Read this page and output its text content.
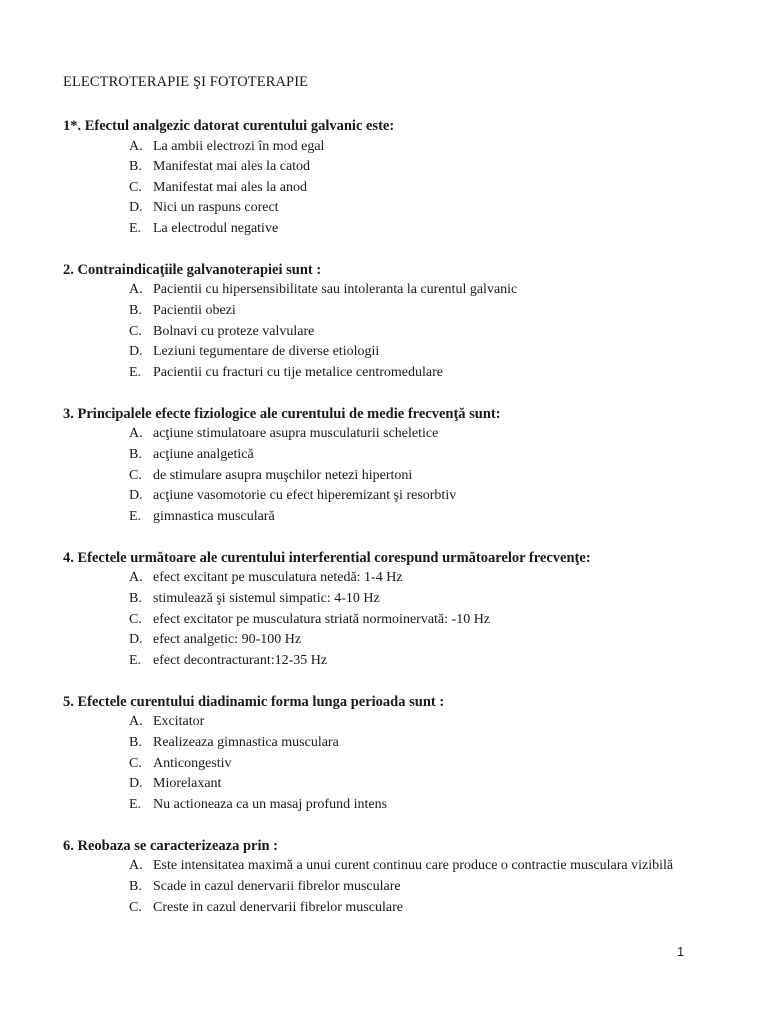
ELECTROTERAPIE ŞI FOTOTERAPIE
1*. Efectul analgezic datorat curentului galvanic este:
A. La ambii electrozi în mod egal
B. Manifestat mai ales la catod
C. Manifestat mai ales la anod
D. Nici un raspuns corect
E. La electrodul negative
2. Contraindicaţiile galvanoterapiei sunt :
A. Pacientii cu hipersensibilitate sau intoleranta la curentul galvanic
B. Pacientii obezi
C. Bolnavi cu proteze valvulare
D. Leziuni tegumentare de diverse etiologii
E. Pacientii cu fracturi cu tije metalice centromedulare
3. Principalele efecte fiziologice ale curentului de medie frecvenţă sunt:
A. acţiune stimulatoare asupra musculaturii scheletice
B. acţiune analgetică
C. de stimulare asupra muşchilor netezi hipertoni
D. acţiune vasomotorie cu efect hiperemizant şi resorbtiv
E. gimnastica musculară
4. Efectele următoare ale curentului interferential corespund următoarelor frecvenţe:
A. efect excitant pe musculatura netedă: 1-4 Hz
B. stimulează şi sistemul simpatic: 4-10 Hz
C. efect excitator pe musculatura striată normoinervată: -10 Hz
D. efect analgetic: 90-100 Hz
E. efect decontracturant:12-35 Hz
5. Efectele curentului diadinamic forma lunga perioada sunt :
A. Excitator
B. Realizeaza gimnastica musculara
C. Anticongestiv
D. Miorelaxant
E. Nu actioneaza ca un masaj profund intens
6. Reobaza se caracterizeaza prin :
A. Este intensitatea maximă a unui curent continuu care produce o contractie musculara vizibilă
B. Scade in cazul denervarii fibrelor musculare
C. Creste in cazul denervarii fibrelor musculare
1
